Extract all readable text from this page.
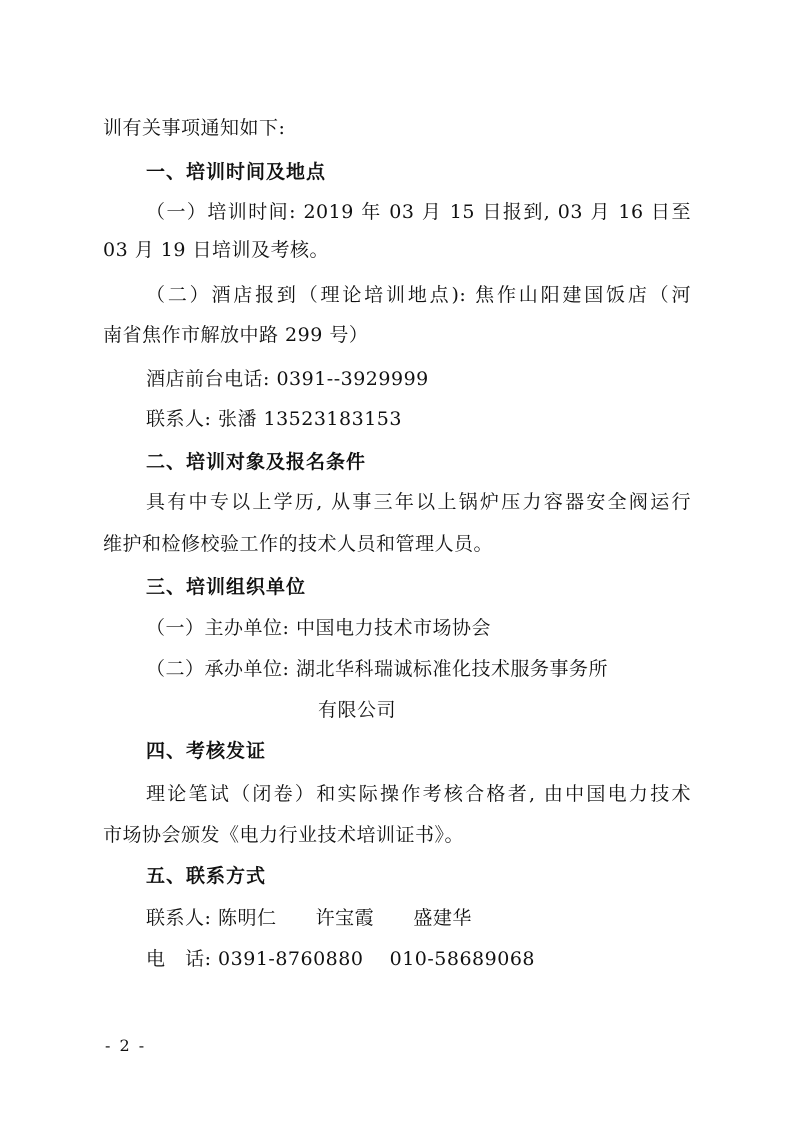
训有关事项通知如下:
一、培训时间及地点
（一）培训时间: 2019 年 03 月 15 日报到, 03 月 16 日至
03 月 19 日培训及考核。
（二）酒店报到（理论培训地点): 焦作山阳建国饭店（河
南省焦作市解放中路 299 号）
酒店前台电话: 0391--3929999
联系人: 张潘 13523183153
二、培训对象及报名条件
具有中专以上学历, 从事三年以上锅炉压力容器安全阀运行
维护和检修校验工作的技术人员和管理人员。
三、培训组织单位
（一）主办单位: 中国电力技术市场协会
（二）承办单位: 湖北华科瑞诚标准化技术服务事务所
有限公司
四、考核发证
理论笔试（闭卷）和实际操作考核合格者, 由中国电力技术
市场协会颁发《电力行业技术培训证书》。
五、联系方式
联系人: 陈明仁      许宝霞      盛建华
电   话: 0391-8760880    010-58689068
- 2 -
